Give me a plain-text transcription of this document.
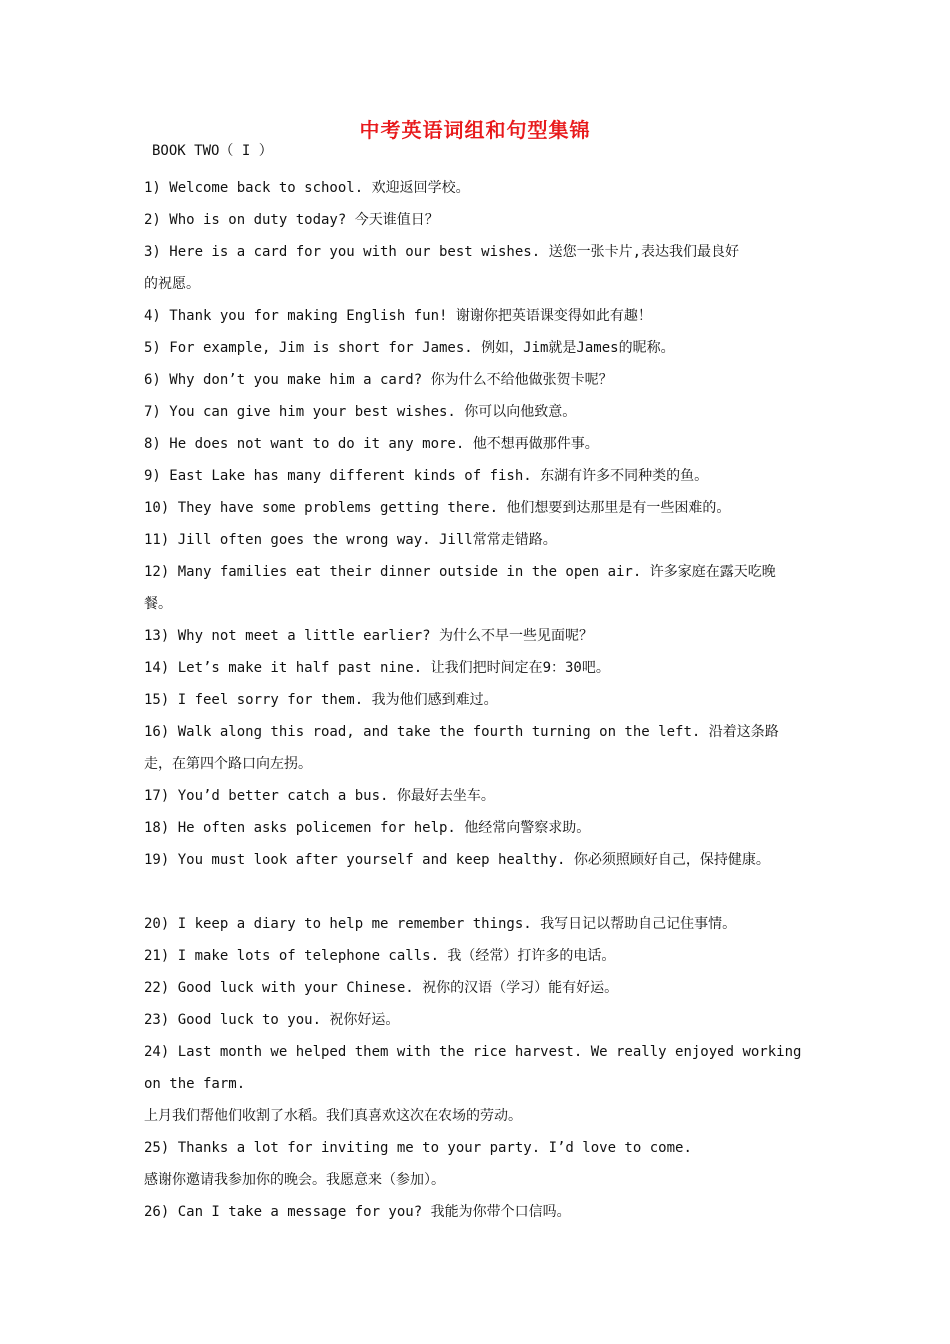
中考英语词组和句型集锦
BOOK TWO（ I ）
1) Welcome back to school. 欢迎返回学校。
2) Who is on duty today? 今天谁值日？
3) Here is a card for you with our best wishes. 送您一张卡片,表达我们最良好
的祝愿。
4) Thank you for making English fun! 谢谢你把英语课变得如此有趣！
5) For example, Jim is short for James. 例如，Jim就是James的昵称。
6) Why don’t you make him a card? 你为什么不给他做张贺卡呢？
7) You can give him your best wishes. 你可以向他致意。
8) He does not want to do it any more. 他不想再做那件事。
9) East Lake has many different kinds of fish. 东湖有许多不同种类的鱼。
10) They have some problems getting there. 他们想要到达那里是有一些困难的。
11) Jill often goes the wrong way. Jill常常走错路。
12) Many families eat their dinner outside in the open air. 许多家庭在露天吃晚
餐。
13) Why not meet a little earlier? 为什么不早一些见面呢？
14) Let’s make it half past nine. 让我们把时间定在9：30吧。
15) I feel sorry for them. 我为他们感到难过。
16) Walk along this road, and take the fourth turning on the left. 沿着这条路
走，在第四个路口向左拐。
17) You’d better catch a bus. 你最好去坐车。
18) He often asks policemen for help. 他经常向警察求助。
19) You must look after yourself and keep healthy. 你必须照顾好自己，保持健康。
20) I keep a diary to help me remember things. 我写日记以帮助自己记住事情。
21) I make lots of telephone calls. 我（经常）打许多的电话。
22) Good luck with your Chinese. 祝你的汉语（学习）能有好运。
23) Good luck to you. 祝你好运。
24) Last month we helped them with the rice harvest. We really enjoyed working
on the farm.
上月我们帮他们收割了水稻。我们真喜欢这次在农场的劳动。
25) Thanks a lot for inviting me to your party. I’d love to come.
感谢你邀请我参加你的晚会。我愿意来（参加）。
26) Can I take a message for you? 我能为你带个口信吗。
